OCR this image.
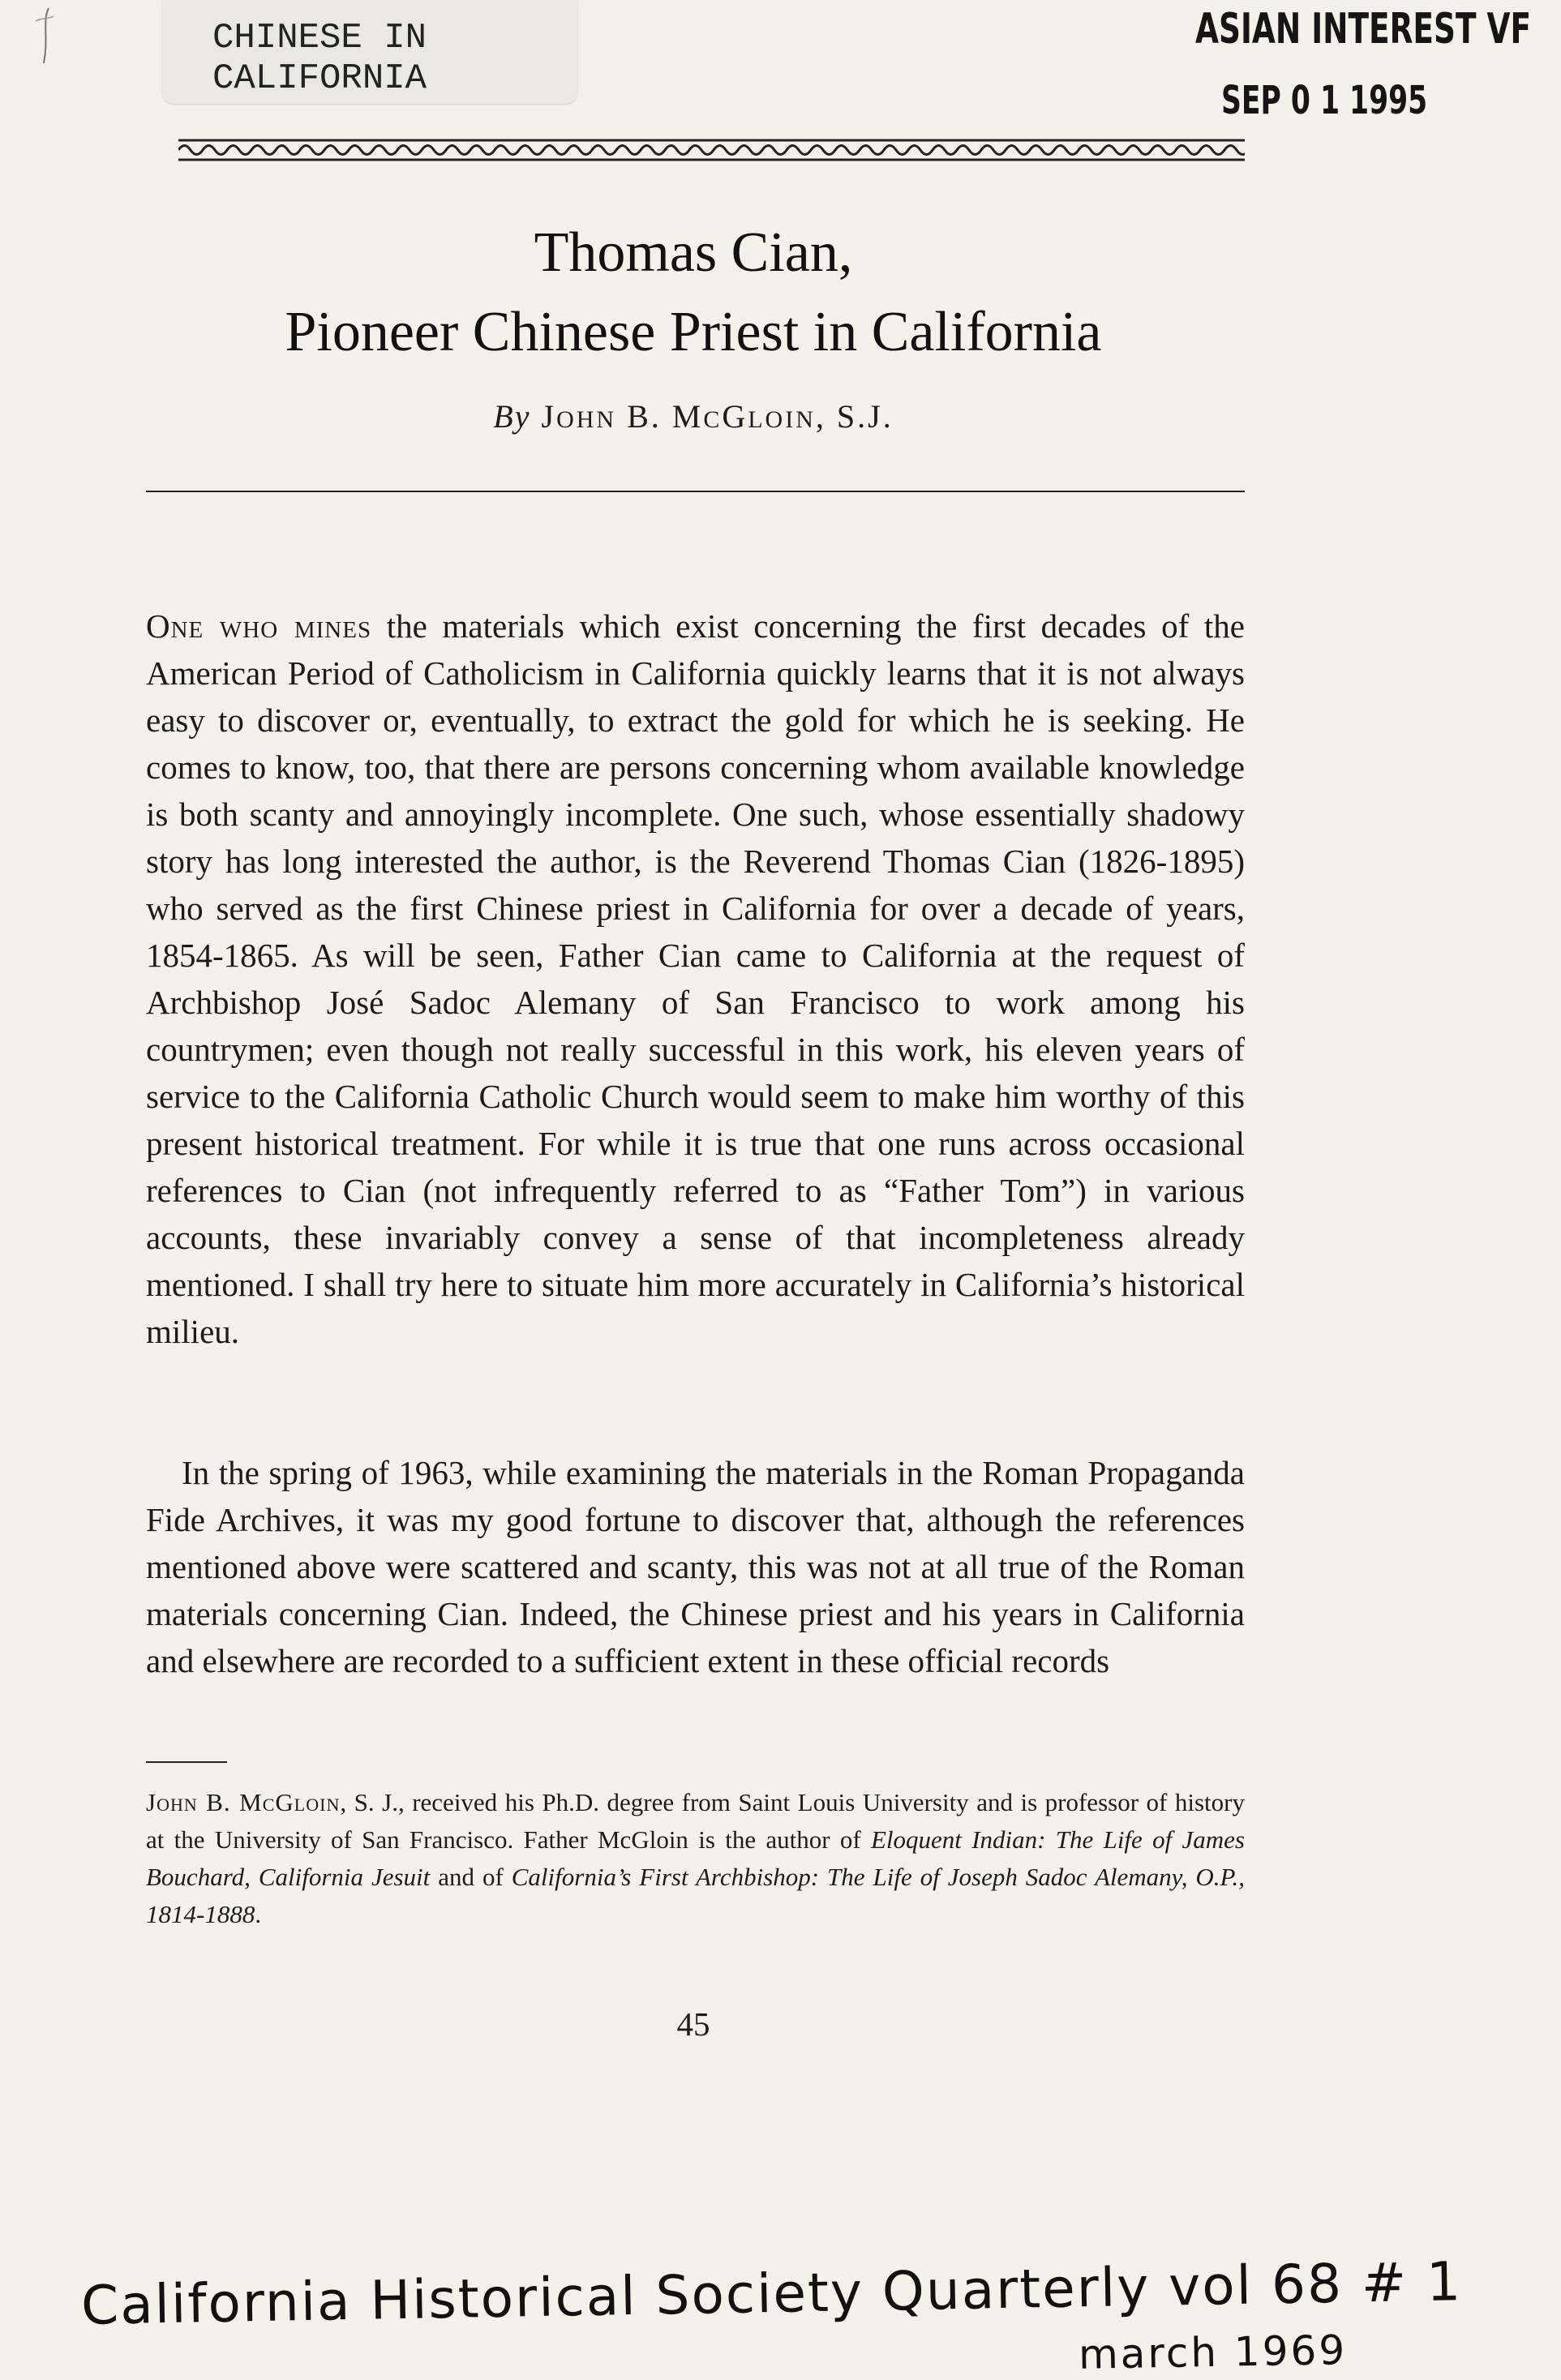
CHINESE IN
CALIFORNIA
ASIAN INTEREST VF
SEP 0 1 1995
Thomas Cian,
Pioneer Chinese Priest in California
By JOHN B. MCGLOIN, S.J.
One who mines the materials which exist concerning the first decades of the American Period of Catholicism in California quickly learns that it is not always easy to discover or, eventually, to extract the gold for which he is seeking. He comes to know, too, that there are persons concerning whom available knowledge is both scanty and annoyingly incomplete. One such, whose essentially shadowy story has long interested the author, is the Reverend Thomas Cian (1826-1895) who served as the first Chinese priest in California for over a decade of years, 1854-1865. As will be seen, Father Cian came to California at the request of Archbishop José Sadoc Alemany of San Francisco to work among his countrymen; even though not really successful in this work, his eleven years of service to the California Catholic Church would seem to make him worthy of this present historical treatment. For while it is true that one runs across occasional references to Cian (not infrequently referred to as “Father Tom”) in various accounts, these invariably convey a sense of that incompleteness already mentioned. I shall try here to situate him more accurately in California’s historical milieu.
In the spring of 1963, while examining the materials in the Roman Propaganda Fide Archives, it was my good fortune to discover that, although the references mentioned above were scattered and scanty, this was not at all true of the Roman materials concerning Cian. Indeed, the Chinese priest and his years in California and elsewhere are recorded to a sufficient extent in these official records
John B. McGloin, S. J., received his Ph.D. degree from Saint Louis University and is professor of history at the University of San Francisco. Father McGloin is the author of Eloquent Indian: The Life of James Bouchard, California Jesuit and of California’s First Archbishop: The Life of Joseph Sadoc Alemany, O.P., 1814-1888.
45
California Historical Society Quarterly vol 68 # 1
march 1969
